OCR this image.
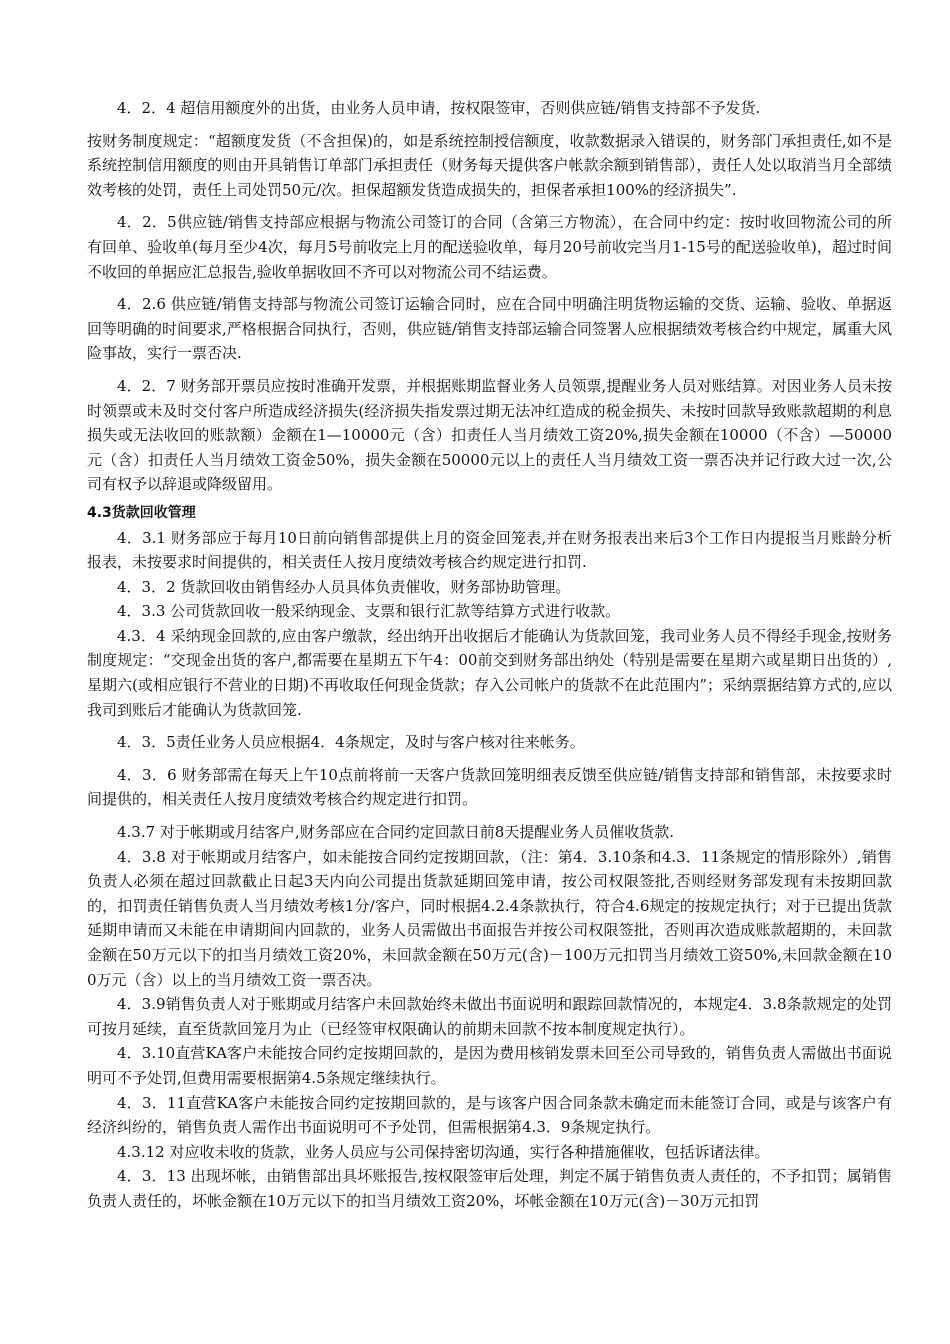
4．2．4 超信用额度外的出货，由业务人员申请，按权限签审，否则供应链/销售支持部不予发货.

按财务制度规定：“超额度发货（不含担保)的，如是系统控制授信额度，收款数据录入错误的，财务部门承担责任,如不是系统控制信用额度的则由开具销售订单部门承担责任（财务每天提供客户帐款余额到销售部），责任人处以取消当月全部绩效考核的处罚，责任上司处罚50元/次。担保超额发货造成损失的，担保者承担100%的经济损失”.

4．2．5供应链/销售支持部应根据与物流公司签订的合同（含第三方物流），在合同中约定：按时收回物流公司的所有回单、验收单(每月至少4次，每月5号前收完上月的配送验收单，每月20号前收完当月1-15号的配送验收单)，超过时间不收回的单据应汇总报告,验收单据收回不齐可以对物流公司不结运费。

4．2.6 供应链/销售支持部与物流公司签订运输合同时，应在合同中明确注明货物运输的交货、运输、验收、单据返回等明确的时间要求,严格根据合同执行，否则，供应链/销售支持部运输合同签署人应根据绩效考核合约中规定，属重大风险事故，实行一票否决.

4．2．7 财务部开票员应按时准确开发票，并根据账期监督业务人员领票,提醒业务人员对账结算。对因业务人员未按时领票或未及时交付客户所造成经济损失(经济损失指发票过期无法冲红造成的税金损失、未按时回款导致账款超期的利息损失或无法收回的账款额）金额在1—10000元（含）扣责任人当月绩效工资20%,损失金额在10000（不含）—50000元（含）扣责任人当月绩效工资金50%，损失金额在50000元以上的责任人当月绩效工资一票否决并记行政大过一次,公司有权予以辞退或降级留用。

4.3货款回收管理

4．3.1 财务部应于每月10日前向销售部提供上月的资金回笼表,并在财务报表出来后3个工作日内提报当月账龄分析报表，未按要求时间提供的，相关责任人按月度绩效考核合约规定进行扣罚.

4．3．2 货款回收由销售经办人员具体负责催收，财务部协助管理。

4．3.3 公司货款回收一般采纳现金、支票和银行汇款等结算方式进行收款。

4.3．4 采纳现金回款的,应由客户缴款，经出纳开出收据后才能确认为货款回笼，我司业务人员不得经手现金,按财务制度规定：“交现金出货的客户,都需要在星期五下午4：00前交到财务部出纳处（特别是需要在星期六或星期日出货的）,星期六(或相应银行不营业的日期)不再收取任何现金货款；存入公司帐户的货款不在此范围内”；采纳票据结算方式的,应以我司到账后才能确认为货款回笼.

4．3．5责任业务人员应根据4．4条规定，及时与客户核对往来帐务。

4．3．6 财务部需在每天上午10点前将前一天客户货款回笼明细表反馈至供应链/销售支持部和销售部，未按要求时间提供的，相关责任人按月度绩效考核合约规定进行扣罚。

4.3.7 对于帐期或月结客户,财务部应在合同约定回款日前8天提醒业务人员催收货款.

4．3.8 对于帐期或月结客户，如未能按合同约定按期回款，（注：第4．3.10条和4.3．11条规定的情形除外）,销售负责人必须在超过回款截止日起3天内向公司提出货款延期回笼申请，按公司权限签批,否则经财务部发现有未按期回款的，扣罚责任销售负责人当月绩效考核1分/客户，同时根据4.2.4条款执行，符合4.6规定的按规定执行；对于已提出货款延期申请而又未能在申请期间内回款的，业务人员需做出书面报告并按公司权限签批，否则再次造成账款超期的，未回款金额在50万元以下的扣当月绩效工资20%，未回款金额在50万元(含)－100万元扣罚当月绩效工资50%,未回款金额在100万元（含）以上的当月绩效工资一票否决。

4．3.9销售负责人对于账期或月结客户未回款始终未做出书面说明和跟踪回款情况的，本规定4．3.8条款规定的处罚可按月延续，直至货款回笼月为止（已经签审权限确认的前期未回款不按本制度规定执行）。

4．3.10直营KA客户未能按合同约定按期回款的，是因为费用核销发票未回至公司导致的，销售负责人需做出书面说明可不予处罚,但费用需要根据第4.5条规定继续执行。

4．3．11直营KA客户未能按合同约定按期回款的，是与该客户因合同条款未确定而未能签订合同，或是与该客户有经济纠纷的，销售负责人需作出书面说明可不予处罚，但需根据第4.3．9条规定执行。

4.3.12 对应收未收的货款，业务人员应与公司保持密切沟通，实行各种措施催收，包括诉诸法律。

4．3．13 出现坏帐，由销售部出具坏账报告,按权限签审后处理，判定不属于销售负责人责任的，不予扣罚；属销售负责人责任的，坏帐金额在10万元以下的扣当月绩效工资20%，坏帐金额在10万元(含)－30万元扣罚
